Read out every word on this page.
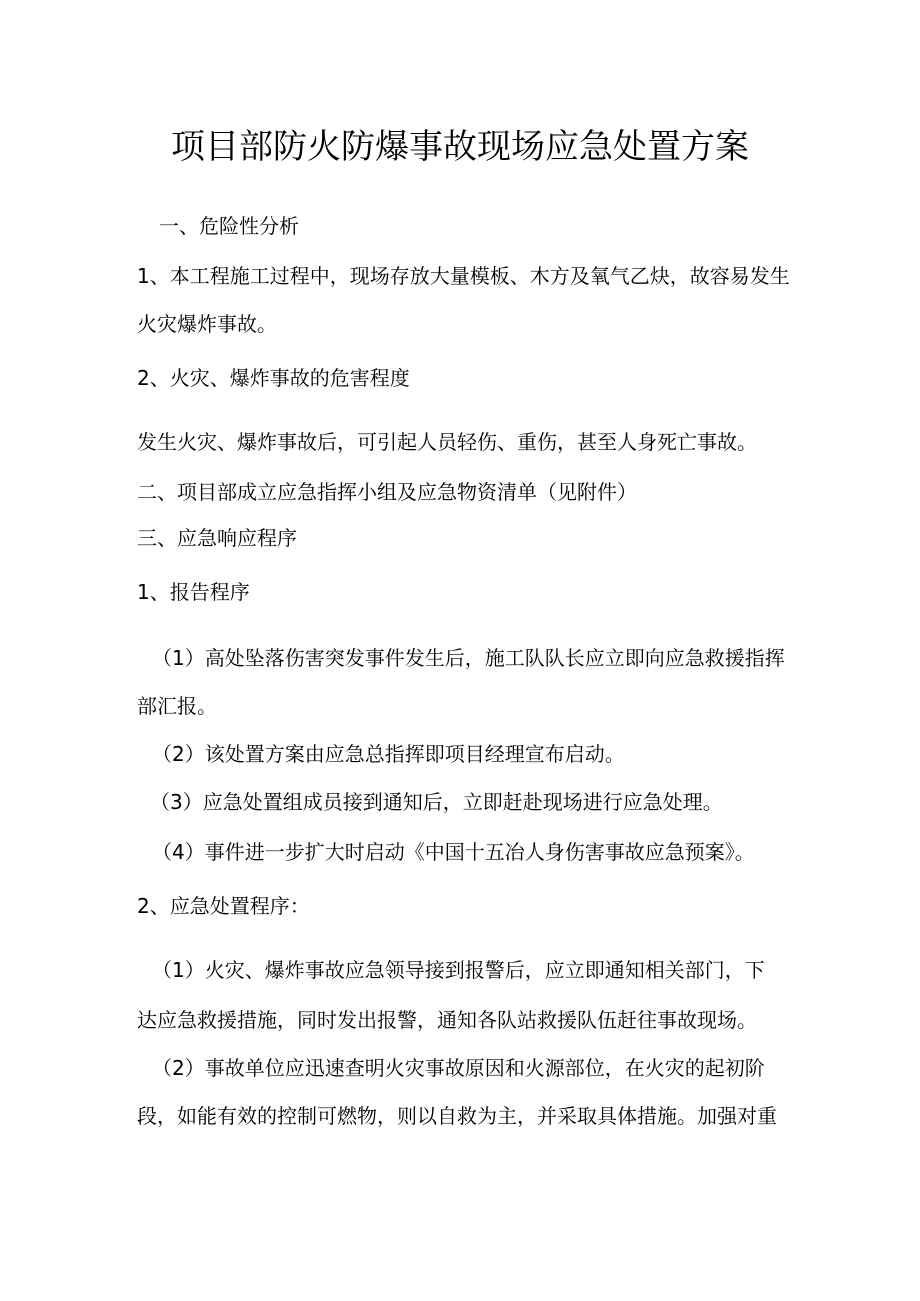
项目部防火防爆事故现场应急处置方案
一、危险性分析
1、本工程施工过程中，现场存放大量模板、木方及氧气乙炔，故容易发生
火灾爆炸事故。
2、火灾、爆炸事故的危害程度
发生火灾、爆炸事故后，可引起人员轻伤、重伤，甚至人身死亡事故。
二、项目部成立应急指挥小组及应急物资清单（见附件）
三、应急响应程序
1、报告程序
（1）高处坠落伤害突发事件发生后，施工队队长应立即向应急救援指挥
部汇报。
（2）该处置方案由应急总指挥即项目经理宣布启动。
（3）应急处置组成员接到通知后，立即赶赴现场进行应急处理。
（4）事件进一步扩大时启动《中国十五冶人身伤害事故应急预案》。
2、应急处置程序：
（1）火灾、爆炸事故应急领导接到报警后，应立即通知相关部门，下
达应急救援措施，同时发出报警，通知各队站救援队伍赶往事故现场。
（2）事故单位应迅速查明火灾事故原因和火源部位，在火灾的起初阶
段，如能有效的控制可燃物，则以自救为主，并采取具体措施。加强对重
